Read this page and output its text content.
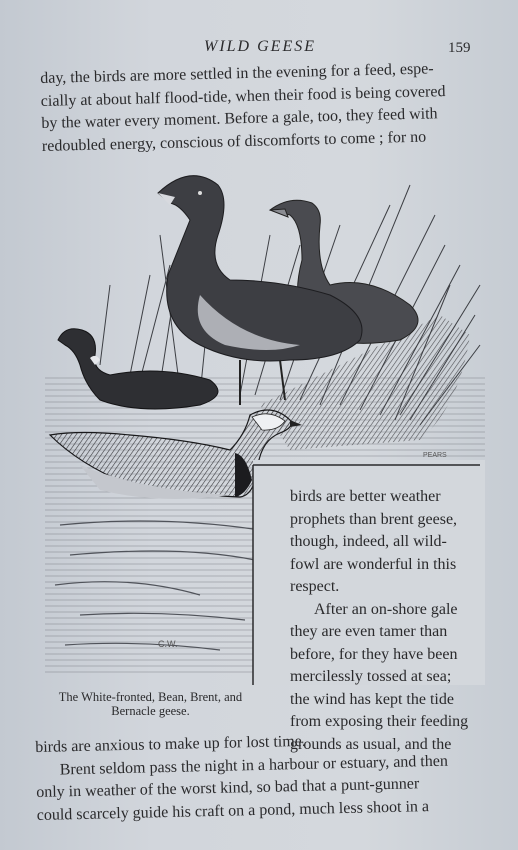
WILD GEESE	159
day, the birds are more settled in the evening for a feed, espe-
cially at about half flood-tide, when their food is being covered
by the water every moment. Before a gale, too, they feed with
redoubled energy, conscious of discomforts to come ; for no
C.W.
PEARS
birds are better weather
prophets than brent geese,
though, indeed, all wild-
fowl are wonderful in this
respect.
After an on-shore gale
they are even tamer than
before, for they have been
mercilessly tossed at sea;
the wind has kept the tide
from exposing their feeding
grounds as usual, and the

The White-fronted, Bean, Brent, and
Bernacle geese.

birds are anxious to make up for lost time.
Brent seldom pass the night in a harbour or estuary, and then
only in weather of the worst kind, so bad that a punt-gunner
could scarcely guide his craft on a pond, much less shoot in a
